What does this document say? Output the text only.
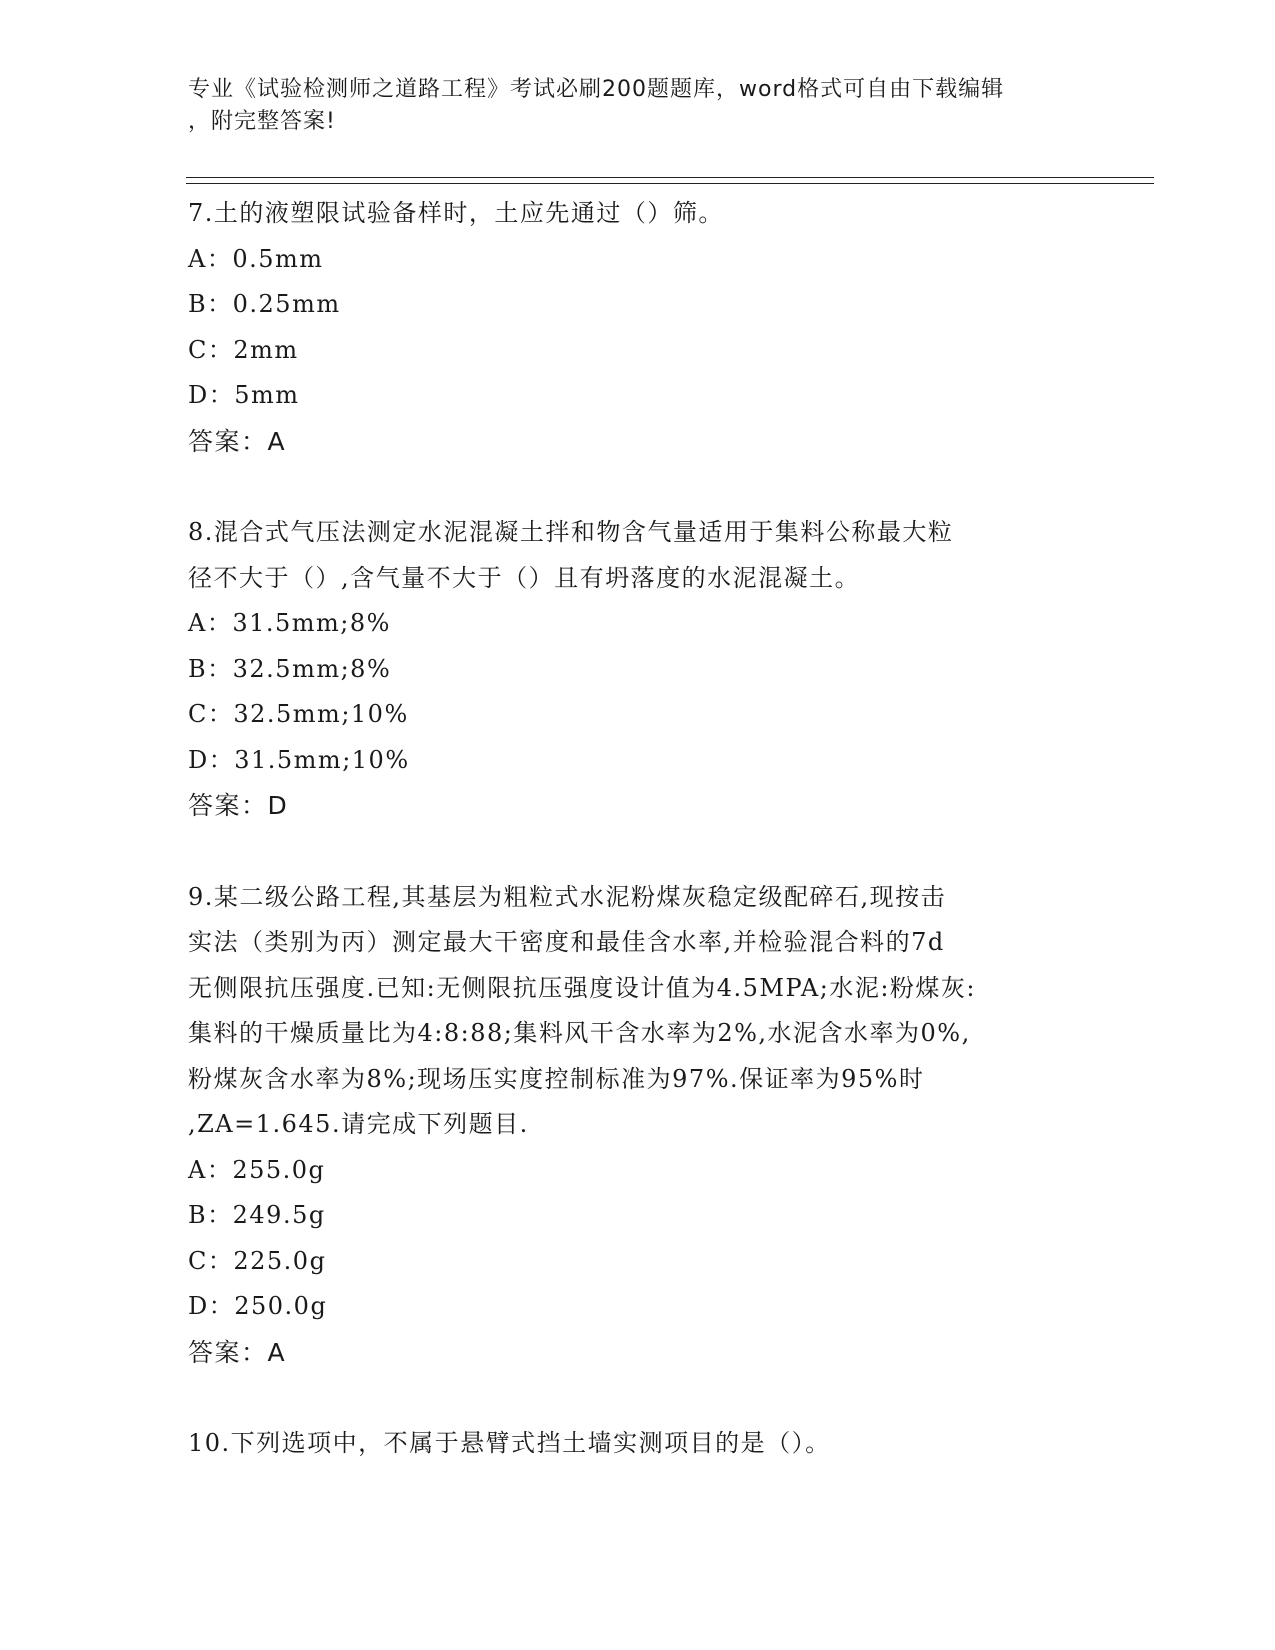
专业《试验检测师之道路工程》考试必刷200题题库，word格式可自由下载编辑
，附完整答案!
7.土的液塑限试验备样时，土应先通过（）筛。
A：0.5mm
B：0.25mm
C：2mm
D：5mm
答案：A
8.混合式气压法测定水泥混凝土拌和物含气量适用于集料公称最大粒
径不大于（）,含气量不大于（）且有坍落度的水泥混凝土。
A：31.5mm;8%
B：32.5mm;8%
C：32.5mm;10%
D：31.5mm;10%
答案：D
9.某二级公路工程,其基层为粗粒式水泥粉煤灰稳定级配碎石,现按击
实法（类别为丙）测定最大干密度和最佳含水率,并检验混合料的7d
无侧限抗压强度.已知:无侧限抗压强度设计值为4.5MPA;水泥:粉煤灰:
集料的干燥质量比为4:8:88;集料风干含水率为2%,水泥含水率为0%,
粉煤灰含水率为8%;现场压实度控制标准为97%.保证率为95%时
,ZA=1.645.请完成下列题目.
A：255.0g
B：249.5g
C：225.0g
D：250.0g
答案：A
10.下列选项中，不属于悬臂式挡土墙实测项目的是（）。
